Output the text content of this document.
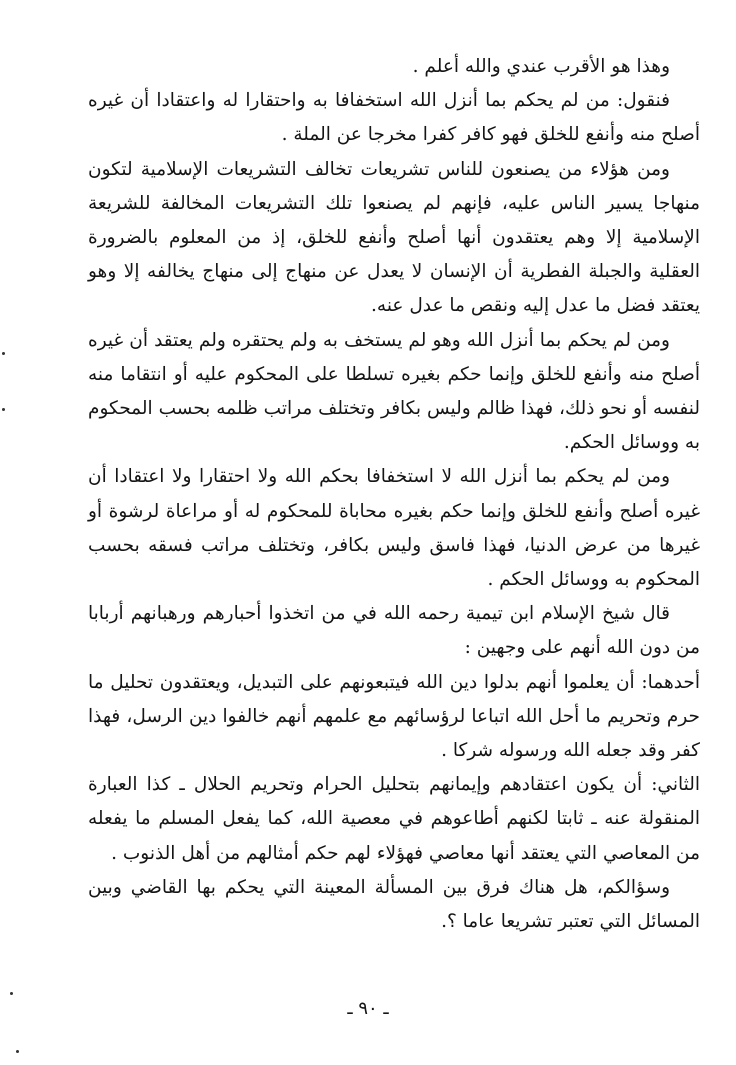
وهذا هو الأقرب عندي والله أعلم .

فنقول: من لم يحكم بما أنزل الله استخفافا به واحتقارا له واعتقادا أن غيره أصلح منه وأنفع للخلق فهو كافر كفرا مخرجا عن الملة .

ومن هؤلاء من يصنعون للناس تشريعات تخالف التشريعات الإسلامية لتكون منهاجا يسير الناس عليه، فإنهم لم يصنعوا تلك التشريعات المخالفة للشريعة الإسلامية إلا وهم يعتقدون أنها أصلح وأنفع للخلق، إذ من المعلوم بالضرورة العقلية والجبلة الفطرية أن الإنسان لا يعدل عن منهاج إلى منهاج يخالفه إلا وهو يعتقد فضل ما عدل إليه ونقص ما عدل عنه.

ومن لم يحكم بما أنزل الله وهو لم يستخف به ولم يحتقره ولم يعتقد أن غيره أصلح منه وأنفع للخلق وإنما حكم بغيره تسلطا على المحكوم عليه أو انتقاما منه لنفسه أو نحو ذلك، فهذا ظالم وليس بكافر وتختلف مراتب ظلمه بحسب المحكوم به ووسائل الحكم.

ومن لم يحكم بما أنزل الله لا استخفافا بحكم الله ولا احتقارا ولا اعتقادا أن غيره أصلح وأنفع للخلق وإنما حكم بغيره محاباة للمحكوم له أو مراعاة لرشوة أو غيرها من عرض الدنيا، فهذا فاسق وليس بكافر، وتختلف مراتب فسقه بحسب المحكوم به ووسائل الحكم .

قال شيخ الإسلام ابن تيمية رحمه الله في من اتخذوا أحبارهم ورهبانهم أربابا من دون الله أنهم على وجهين :

أحدهما: أن يعلموا أنهم بدلوا دين الله فيتبعونهم على التبديل، ويعتقدون تحليل ما حرم وتحريم ما أحل الله اتباعا لرؤسائهم مع علمهم أنهم خالفوا دين الرسل، فهذا كفر وقد جعله الله ورسوله شركا .

الثاني: أن يكون اعتقادهم وإيمانهم بتحليل الحرام وتحريم الحلال ـ كذا العبارة المنقولة عنه ـ ثابتا لكنهم أطاعوهم في معصية الله، كما يفعل المسلم ما يفعله من المعاصي التي يعتقد أنها معاصي فهؤلاء لهم حكم أمثالهم من أهل الذنوب .

وسؤالكم، هل هناك فرق بين المسألة المعينة التي يحكم بها القاضي وبين المسائل التي تعتبر تشريعا عاما ؟.

ـ ٩٠ ـ
